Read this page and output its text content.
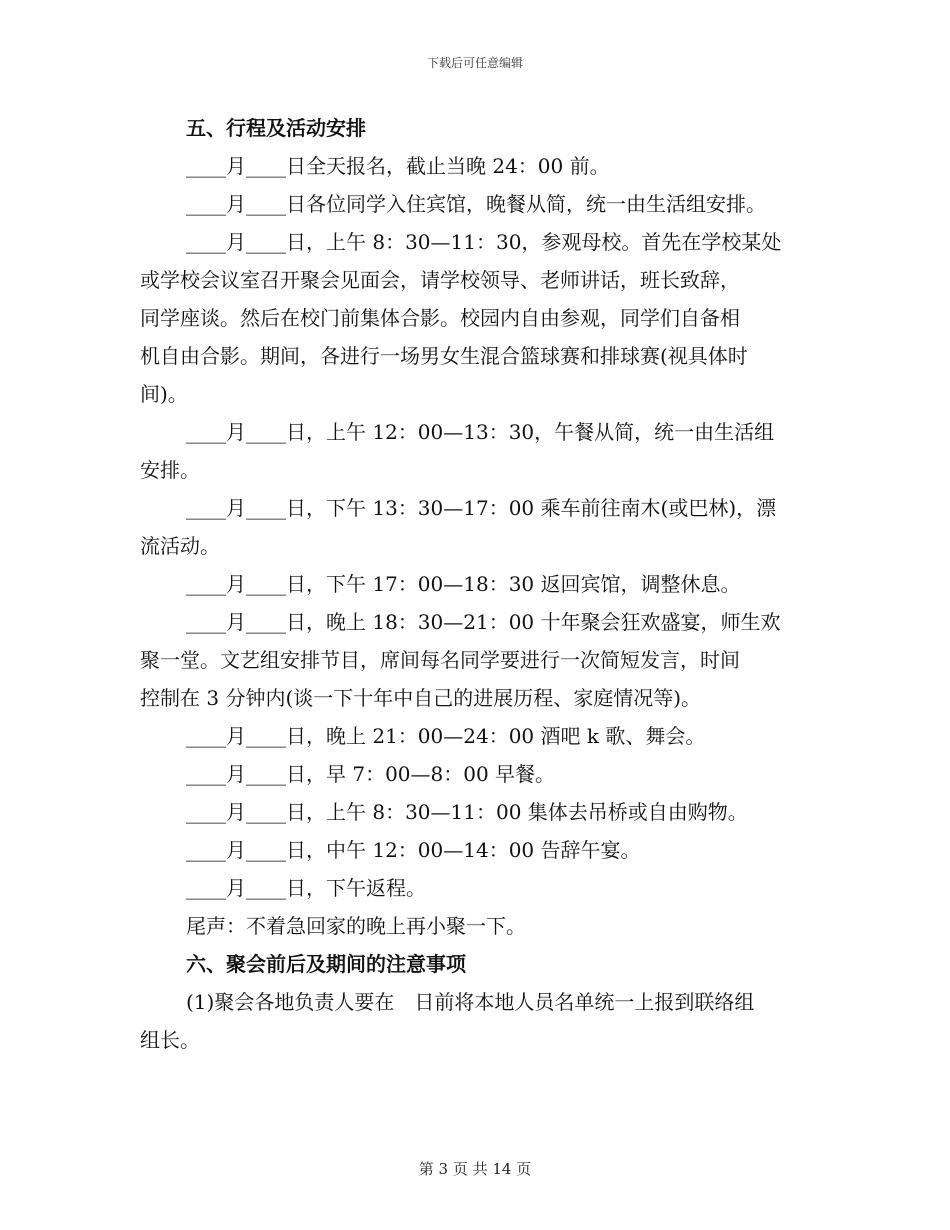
下载后可任意编辑

五、行程及活动安排

____月____日全天报名，截止当晚 24：00 前。

____月____日各位同学入住宾馆，晚餐从简，统一由生活组安排。

____月____日，上午 8：30—11：30，参观母校。首先在学校某处

或学校会议室召开聚会见面会，请学校领导、老师讲话，班长致辞，

同学座谈。然后在校门前集体合影。校园内自由参观，同学们自备相

机自由合影。期间，各进行一场男女生混合篮球赛和排球赛(视具体时

间)。

____月____日，上午 12：00—13：30，午餐从简，统一由生活组

安排。

____月____日，下午 13：30—17：00 乘车前往南木(或巴林)，漂

流活动。

____月____日，下午 17：00—18：30 返回宾馆，调整休息。

____月____日，晚上 18：30—21：00 十年聚会狂欢盛宴，师生欢

聚一堂。文艺组安排节目，席间每名同学要进行一次简短发言，时间

控制在 3 分钟内(谈一下十年中自己的进展历程、家庭情况等)。

____月____日，晚上 21：00—24：00 酒吧 k 歌、舞会。

____月____日，早 7：00—8：00 早餐。

____月____日，上午 8：30—11：00 集体去吊桥或自由购物。

____月____日，中午 12：00—14：00 告辞午宴。

____月____日，下午返程。

尾声：不着急回家的晚上再小聚一下。

六、聚会前后及期间的注意事项

(1)聚会各地负责人要在　日前将本地人员名单统一上报到联络组

组长。

第 3 页 共 14 页
